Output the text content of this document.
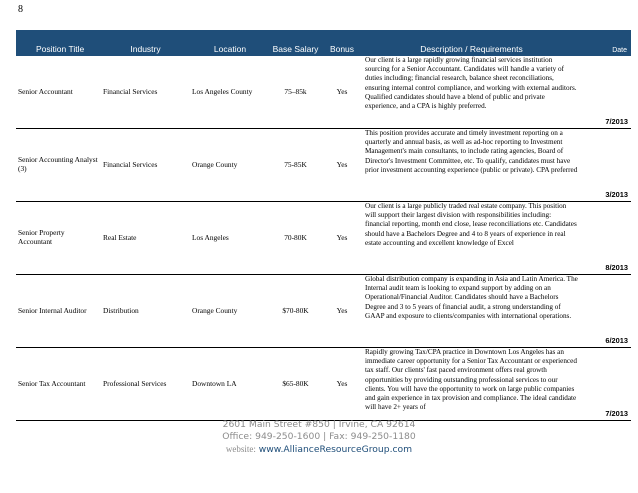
8
Position Title	Industry	Location	Base Salary	Bonus	Description / Requirements	Date
Senior Accountant	Financial Services	Los Angeles County	75–85k	Yes	Our client is a large rapidly growing financial services institution sourcing for a Senior Accountant. Candidates will handle a variety of duties including; financial research, balance sheet reconciliations, ensuring internal control compliance, and working with external auditors. Qualified candidates should have a blend of public and private experience, and a CPA is highly preferred.	7/2013
Senior Accounting Analyst (3)	Financial Services	Orange County	75-85K	Yes	This position provides accurate and timely investment reporting on a quarterly and annual basis, as well as ad-hoc reporting to Investment Management's main consultants, to include rating agencies, Board of Director's Investment Committee, etc. To qualify, candidates must have prior investment accounting experience (public or private). CPA preferred	3/2013
Senior Property Accountant	Real Estate	Los Angeles	70-80K	Yes	Our client is a large publicly traded real estate company. This position will support their largest division with responsibilities including: financial reporting, month end close, lease reconciliations etc. Candidates should have a Bachelors Degree and 4 to 8 years of experience in real estate accounting and excellent knowledge of Excel	8/2013
Senior Internal Auditor	Distribution	Orange County	$70-80K	Yes	Global distribution company is expanding in Asia and Latin America. The Internal audit team is looking to expand support by adding on an Operational/Financial Auditor. Candidates should have a Bachelors Degree and 3 to 5 years of financial audit, a strong understanding of GAAP and exposure to clients/companies with international operations.	6/2013
Senior Tax Accountant	Professional Services	Downtown LA	$65-80K	Yes	Rapidly growing Tax/CPA practice in Downtown Los Angeles has an immediate career opportunity for a Senior Tax Accountant or experienced tax staff. Our clients' fast paced environment offers real growth opportunities by providing outstanding professional services to our clients. You will have the opportunity to work on large public companies and gain experience in tax provision and compliance. The ideal candidate will have 2+ years of	7/2013
2601 Main Street #850 | Irvine, CA 92614
Office: 949-250-1600 | Fax: 949-250-1180
website: www.AllianceResourceGroup.com
